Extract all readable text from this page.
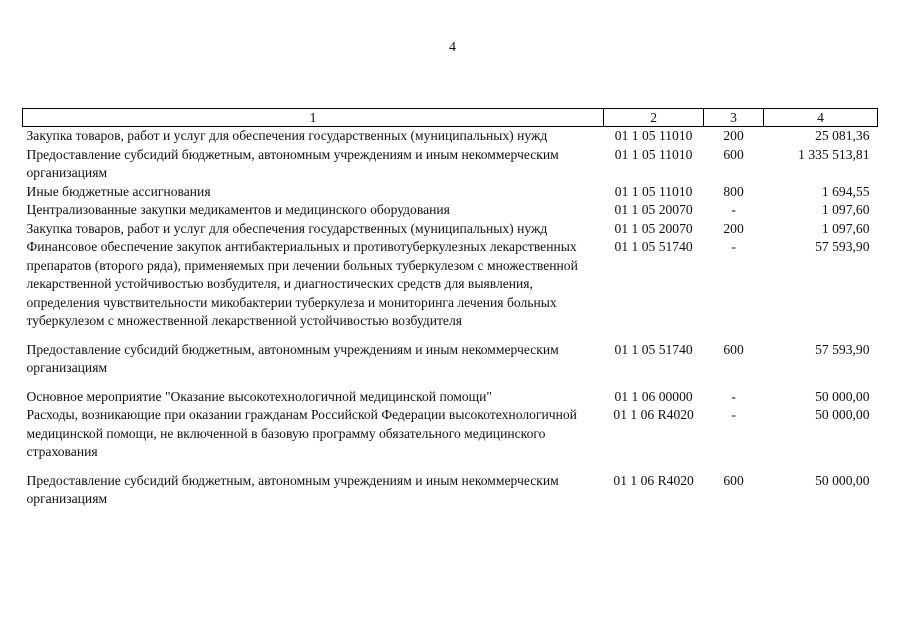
4
1	2	3	4
Закупка товаров, работ и услуг для обеспечения государственных (муниципальных) нужд	01 1 05 11010	200	25 081,36
Предоставление субсидий бюджетным, автономным учреждениям и иным некоммерческим организациям	01 1 05 11010	600	1 335 513,81
Иные бюджетные ассигнования	01 1 05 11010	800	1 694,55
Централизованные закупки медикаментов и медицинского оборудования	01 1 05 20070	-	1 097,60
Закупка товаров, работ и услуг для обеспечения государственных (муниципальных) нужд	01 1 05 20070	200	1 097,60
Финансовое обеспечение закупок антибактериальных и противотуберкулезных лекарственных препаратов (второго ряда), применяемых при лечении больных туберкулезом с множественной лекарственной устойчивостью возбудителя, и диагностических средств для выявления, определения чувствительности микобактерии туберкулеза и мониторинга лечения больных туберкулезом с множественной лекарственной устойчивостью возбудителя	01 1 05 51740	-	57 593,90
Предоставление субсидий бюджетным, автономным учреждениям и иным некоммерческим организациям	01 1 05 51740	600	57 593,90
Основное мероприятие "Оказание высокотехнологичной медицинской помощи"	01 1 06 00000	-	50 000,00
Расходы, возникающие при оказании гражданам Российской Федерации высокотехнологичной медицинской помощи, не включенной в базовую программу обязательного медицинского страхования	01 1 06 R4020	-	50 000,00
Предоставление субсидий бюджетным, автономным учреждениям и иным некоммерческим организациям	01 1 06 R4020	600	50 000,00
